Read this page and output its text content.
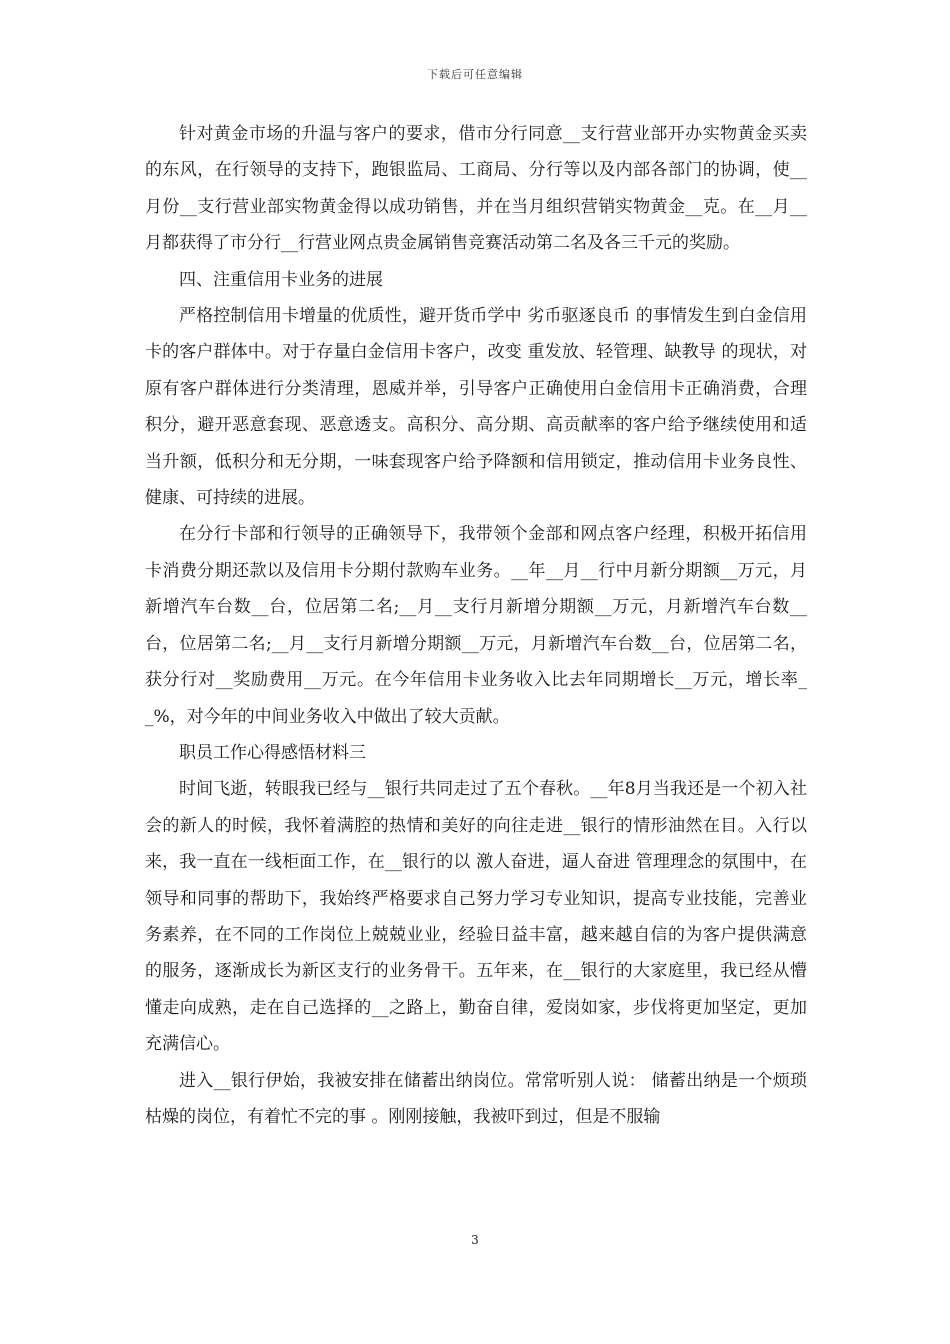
下载后可任意编辑

针对黄金市场的升温与客户的要求，借市分行同意__支行营业部开办实物黄金买卖的东风，在行领导的支持下，跑银监局、工商局、分行等以及内部各部门的协调，使__月份__支行营业部实物黄金得以成功销售，并在当月组织营销实物黄金__克。在__月__月都获得了市分行__行营业网点贵金属销售竞赛活动第二名及各三千元的奖励。

四、注重信用卡业务的进展

严格控制信用卡增量的优质性，避开货币学中 劣币驱逐良币 的事情发生到白金信用卡的客户群体中。对于存量白金信用卡客户，改变 重发放、轻管理、缺教导 的现状，对原有客户群体进行分类清理，恩威并举，引导客户正确使用白金信用卡正确消费，合理积分，避开恶意套现、恶意透支。高积分、高分期、高贡献率的客户给予继续使用和适当升额，低积分和无分期，一味套现客户给予降额和信用锁定，推动信用卡业务良性、健康、可持续的进展。

在分行卡部和行领导的正确领导下，我带领个金部和网点客户经理，积极开拓信用卡消费分期还款以及信用卡分期付款购车业务。__年__月__行中月新分期额__万元，月新增汽车台数__台，位居第二名;__月__支行月新增分期额__万元，月新增汽车台数__台，位居第二名;__月__支行月新增分期额__万元，月新增汽车台数__台，位居第二名，获分行对__奖励费用__万元。在今年信用卡业务收入比去年同期增长__万元，增长率__%，对今年的中间业务收入中做出了较大贡献。

职员工作心得感悟材料三

时间飞逝，转眼我已经与__银行共同走过了五个春秋。__年8月当我还是一个初入社会的新人的时候，我怀着满腔的热情和美好的向往走进__银行的情形油然在目。入行以来，我一直在一线柜面工作，在__银行的以 激人奋进，逼人奋进 管理理念的氛围中，在领导和同事的帮助下，我始终严格要求自己努力学习专业知识，提高专业技能，完善业务素养，在不同的工作岗位上兢兢业业，经验日益丰富，越来越自信的为客户提供满意的服务，逐渐成长为新区支行的业务骨干。五年来，在__银行的大家庭里，我已经从懵懂走向成熟，走在自己选择的__之路上，勤奋自律，爱岗如家，步伐将更加坚定，更加充满信心。

进入__银行伊始，我被安排在储蓄出纳岗位。常常听别人说： 储蓄出纳是一个烦琐枯燥的岗位，有着忙不完的事 。刚刚接触，我被吓到过，但是不服输

3
